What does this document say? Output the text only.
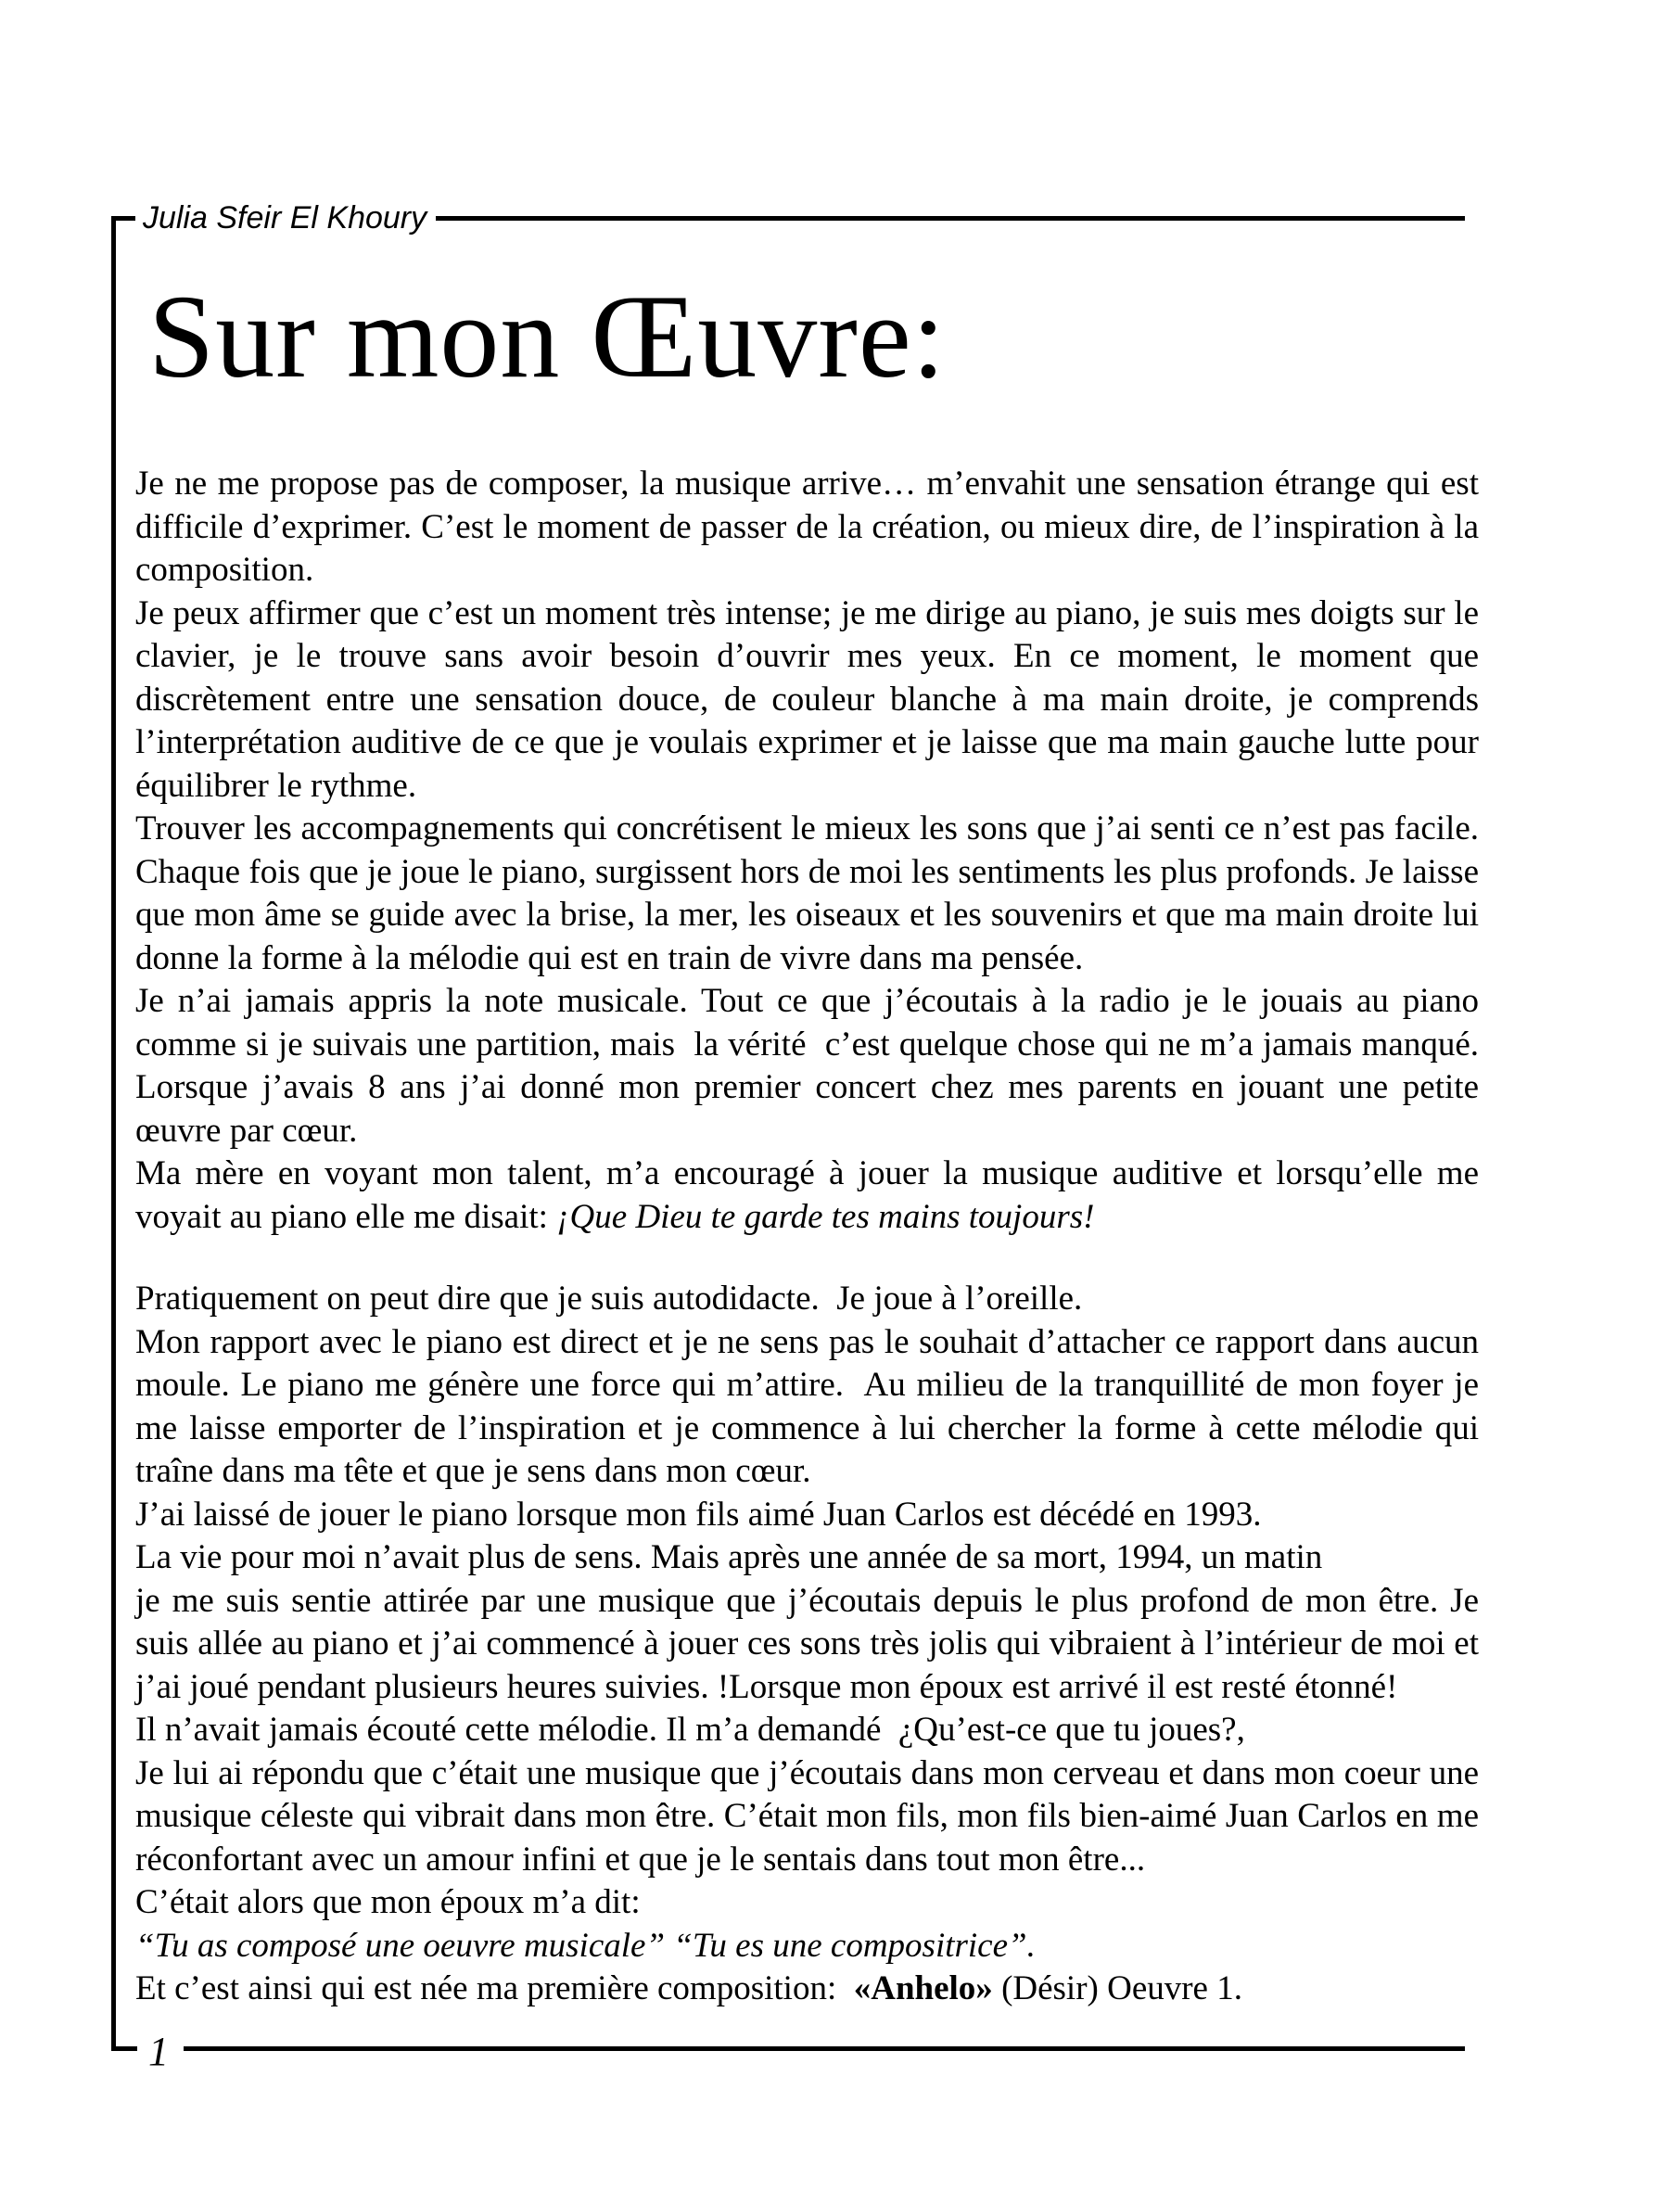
Julia Sfeir El Khoury
Sur mon Œuvre:

Je ne me propose pas de composer, la musique arrive… m’envahit une sensation étrange qui est difficile d’exprimer. C’est le moment de passer de la création, ou mieux dire, de l’inspiration à la composition.

Je peux affirmer que c’est un moment très intense; je me dirige au piano, je suis mes doigts sur le clavier, je le trouve sans avoir besoin d’ouvrir mes yeux. En ce moment, le moment que discrètement entre une sensation douce, de couleur blanche à ma main droite, je comprends l’interprétation auditive de ce que je voulais exprimer et je laisse que ma main gauche lutte pour équilibrer le rythme.

Trouver les accompagnements qui concrétisent le mieux les sons que j’ai senti ce n’est pas facile. Chaque fois que je joue le piano, surgissent hors de moi les sentiments les plus profonds. Je laisse que mon âme se guide avec la brise, la mer, les oiseaux et les souvenirs et que ma main droite lui donne la forme à la mélodie qui est en train de vivre dans ma pensée.

Je n’ai jamais appris la note musicale. Tout ce que j’écoutais à la radio je le jouais au piano comme si je suivais une partition, mais  la vérité  c’est quelque chose qui ne m’a jamais manqué. Lorsque j’avais 8 ans j’ai donné mon premier concert chez mes parents en jouant une petite œuvre par cœur.

Ma mère en voyant mon talent, m’a encouragé à jouer la musique auditive et lorsqu’elle me voyait au piano elle me disait: ¡Que Dieu te garde tes mains toujours!

Pratiquement on peut dire que je suis autodidacte.  Je joue à l’oreille.

Mon rapport avec le piano est direct et je ne sens pas le souhait d’attacher ce rapport dans aucun moule. Le piano me génère une force qui m’attire.  Au milieu de la tranquillité de mon foyer je me laisse emporter de l’inspiration et je commence à lui chercher la forme à cette mélodie qui traîne dans ma tête et que je sens dans mon cœur.

J’ai laissé de jouer le piano lorsque mon fils aimé Juan Carlos est décédé en 1993.

La vie pour moi n’avait plus de sens. Mais après une année de sa mort, 1994, un matin

je me suis sentie attirée par une musique que j’écoutais depuis le plus profond de mon être. Je suis allée au piano et j’ai commencé à jouer ces sons très jolis qui vibraient à l’intérieur de moi et j’ai joué pendant plusieurs heures suivies. !Lorsque mon époux est arrivé il est resté étonné!

Il n’avait jamais écouté cette mélodie. Il m’a demandé  ¿Qu’est-ce que tu joues?,

Je lui ai répondu que c’était une musique que j’écoutais dans mon cerveau et dans mon coeur une musique céleste qui vibrait dans mon être. C’était mon fils, mon fils bien-aimé Juan Carlos en me réconfortant avec un amour infini et que je le sentais dans tout mon être...

C’était alors que mon époux m’a dit:

“Tu as composé une oeuvre musicale” “Tu es une compositrice”.

Et c’est ainsi qui est née ma première composition:  «Anhelo» (Désir) Oeuvre 1.

1
